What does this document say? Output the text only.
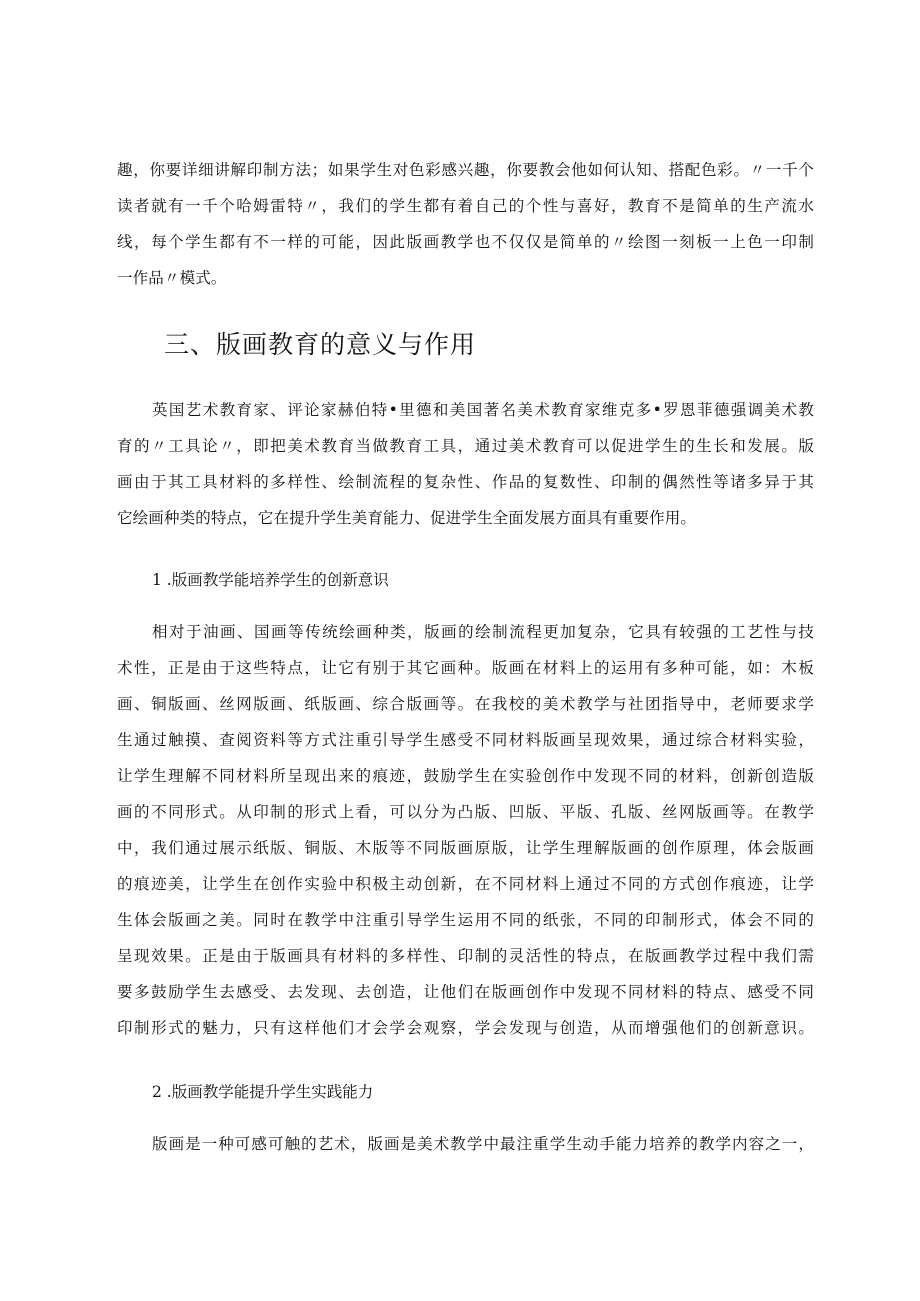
趣，你要详细讲解印制方法；如果学生对色彩感兴趣，你要教会他如何认知、搭配色彩。〃一千个
读者就有一千个哈姆雷特〃，我们的学生都有着自己的个性与喜好，教育不是简单的生产流水
线，每个学生都有不一样的可能，因此版画教学也不仅仅是简单的〃绘图一刻板一上色一印制
一作品〃模式。
三、版画教育的意义与作用
英国艺术教育家、评论家赫伯特•里德和美国著名美术教育家维克多•罗恩菲德强调美术教
育的〃工具论〃，即把美术教育当做教育工具，通过美术教育可以促进学生的生长和发展。版
画由于其工具材料的多样性、绘制流程的复杂性、作品的复数性、印制的偶然性等诸多异于其
它绘画种类的特点，它在提升学生美育能力、促进学生全面发展方面具有重要作用。
1 .版画教学能培养学生的创新意识
相对于油画、国画等传统绘画种类，版画的绘制流程更加复杂，它具有较强的工艺性与技
术性，正是由于这些特点，让它有别于其它画种。版画在材料上的运用有多种可能，如：木板
画、铜版画、丝网版画、纸版画、综合版画等。在我校的美术教学与社团指导中，老师要求学
生通过触摸、查阅资料等方式注重引导学生感受不同材料版画呈现效果，通过综合材料实验，
让学生理解不同材料所呈现出来的痕迹，鼓励学生在实验创作中发现不同的材料，创新创造版
画的不同形式。从印制的形式上看，可以分为凸版、凹版、平版、孔版、丝网版画等。在教学
中，我们通过展示纸版、铜版、木版等不同版画原版，让学生理解版画的创作原理，体会版画
的痕迹美，让学生在创作实验中积极主动创新，在不同材料上通过不同的方式创作痕迹，让学
生体会版画之美。同时在教学中注重引导学生运用不同的纸张，不同的印制形式，体会不同的
呈现效果。正是由于版画具有材料的多样性、印制的灵活性的特点，在版画教学过程中我们需
要多鼓励学生去感受、去发现、去创造，让他们在版画创作中发现不同材料的特点、感受不同
印制形式的魅力，只有这样他们才会学会观察，学会发现与创造，从而增强他们的创新意识。
2 .版画教学能提升学生实践能力
版画是一种可感可触的艺术，版画是美术教学中最注重学生动手能力培养的教学内容之一，
